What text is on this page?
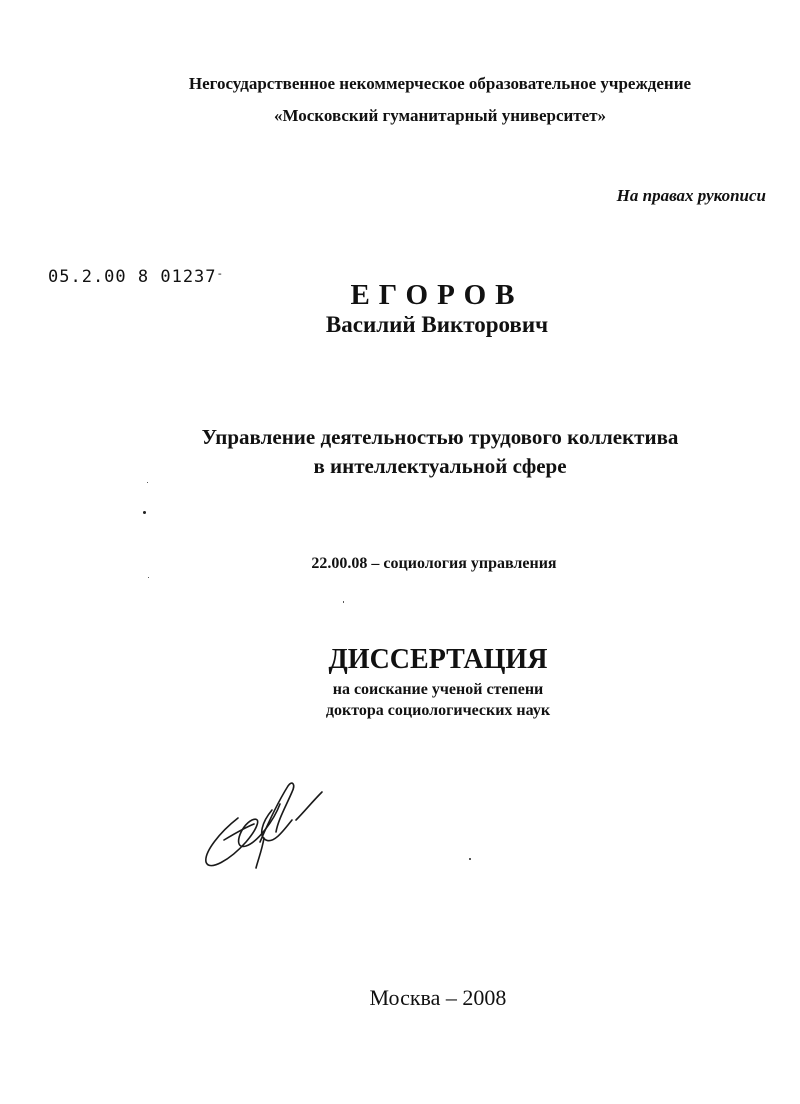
Негосударственное некоммерческое образовательное учреждение
«Московский гуманитарный университет»
На правах рукописи
05.2.00 8 01237-
ЕГОРОВ
Василий Викторович
Управление деятельностью трудового коллектива
в интеллектуальной сфере
22.00.08 – социология управления
ДИССЕРТАЦИЯ
на соискание ученой степени
доктора социологических наук
Москва – 2008
